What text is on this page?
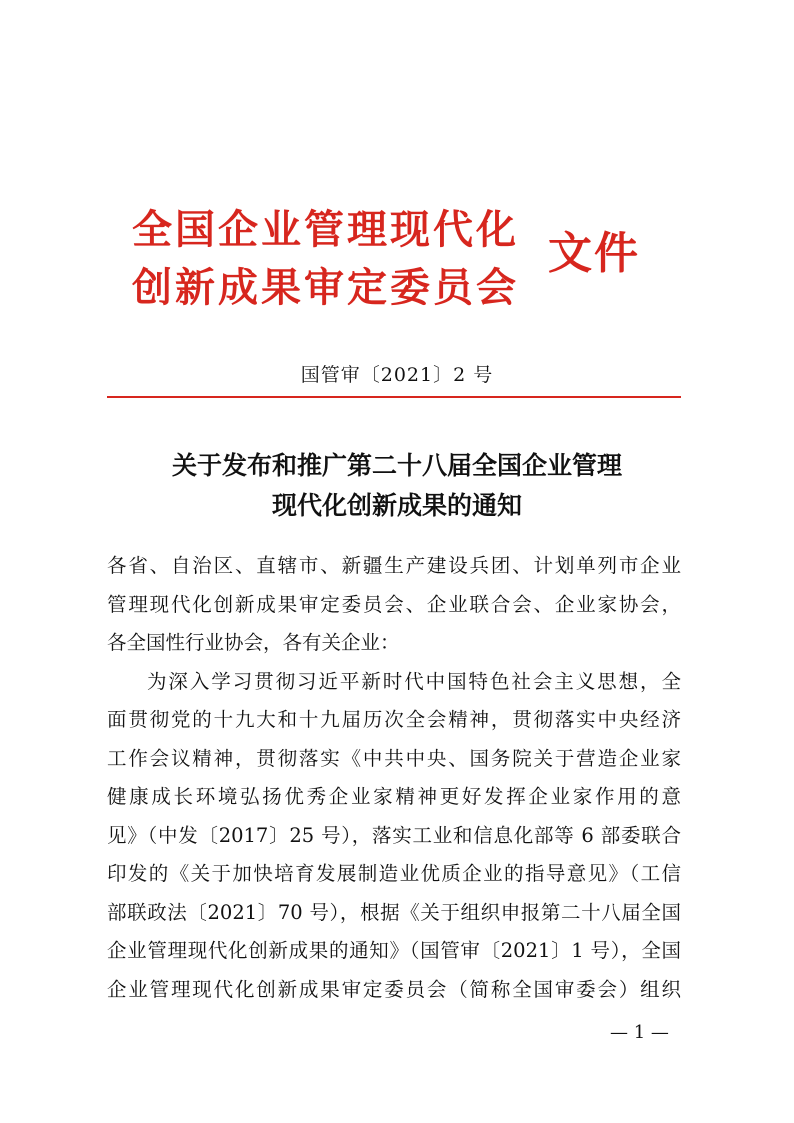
全国企业管理现代化
创新成果审定委员会
文件
国管审〔2021〕2 号
关于发布和推广第二十八届全国企业管理
现代化创新成果的通知
各省、自治区、直辖市、新疆生产建设兵团、计划单列市企业
管理现代化创新成果审定委员会、企业联合会、企业家协会，
各全国性行业协会，各有关企业：
为深入学习贯彻习近平新时代中国特色社会主义思想，全
面贯彻党的十九大和十九届历次全会精神，贯彻落实中央经济
工作会议精神，贯彻落实《中共中央、国务院关于营造企业家
健康成长环境弘扬优秀企业家精神更好发挥企业家作用的意
见》（中发〔2017〕25 号），落实工业和信息化部等 6 部委联合
印发的《关于加快培育发展制造业优质企业的指导意见》（工信
部联政法〔2021〕70 号），根据《关于组织申报第二十八届全国
企业管理现代化创新成果的通知》（国管审〔2021〕1 号），全国
企业管理现代化创新成果审定委员会（简称全国审委会）组织
— 1 —
